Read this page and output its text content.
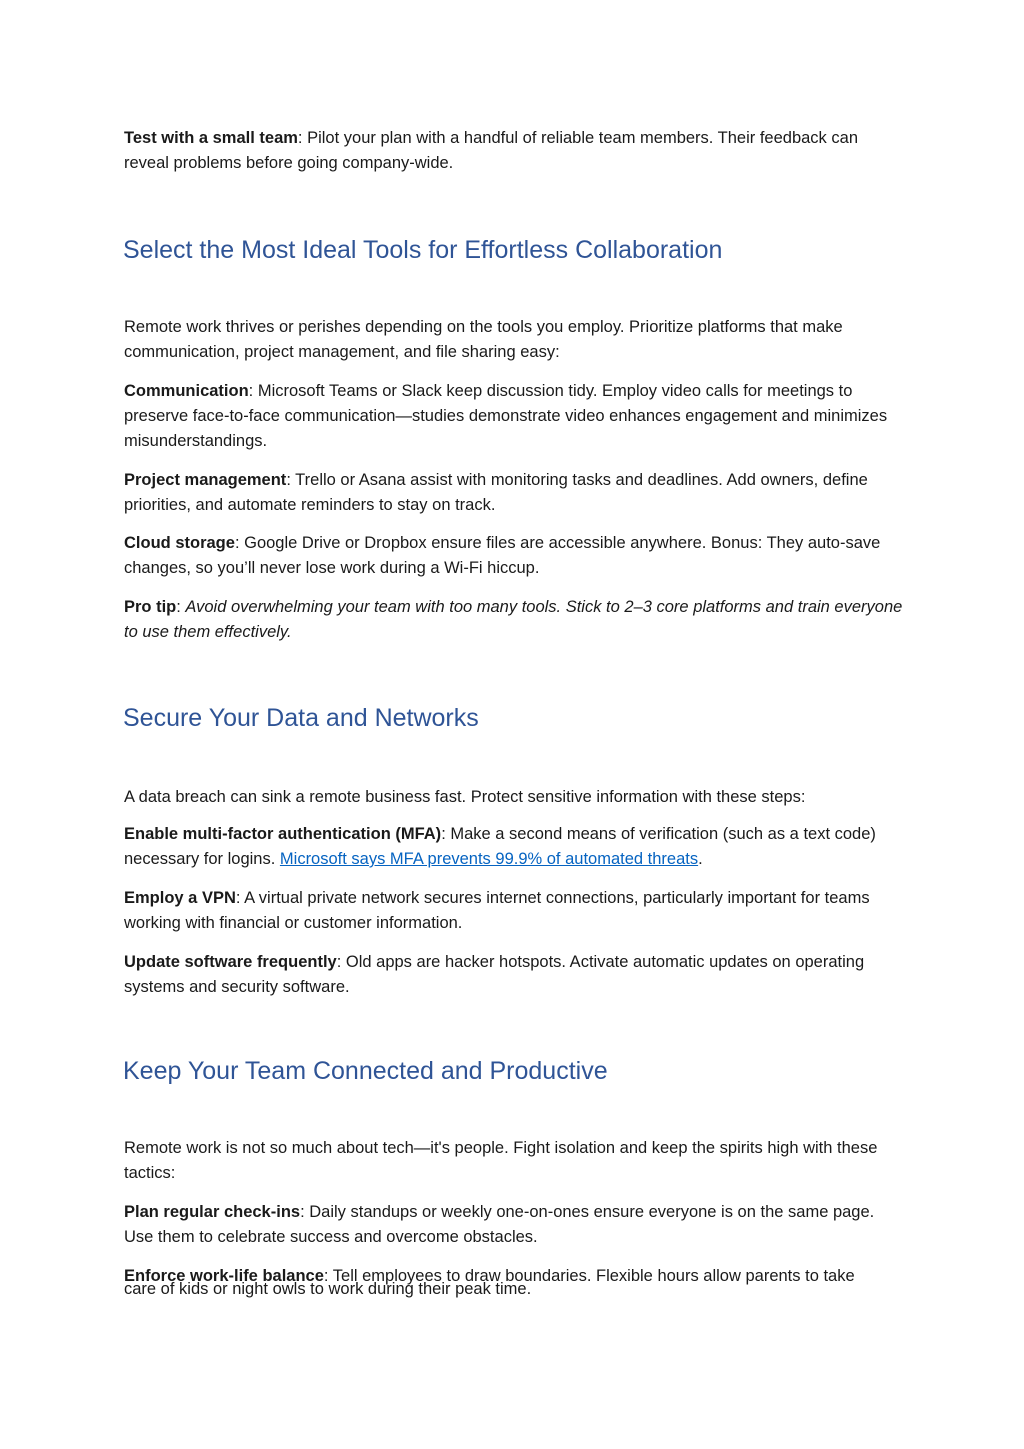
Test with a small team: Pilot your plan with a handful of reliable team members. Their feedback can reveal problems before going company-wide.

Select the Most Ideal Tools for Effortless Collaboration

Remote work thrives or perishes depending on the tools you employ. Prioritize platforms that make communication, project management, and file sharing easy:

Communication: Microsoft Teams or Slack keep discussion tidy. Employ video calls for meetings to preserve face-to-face communication—studies demonstrate video enhances engagement and minimizes misunderstandings.

Project management: Trello or Asana assist with monitoring tasks and deadlines. Add owners, define priorities, and automate reminders to stay on track.

Cloud storage: Google Drive or Dropbox ensure files are accessible anywhere. Bonus: They auto-save changes, so you’ll never lose work during a Wi-Fi hiccup.

Pro tip: Avoid overwhelming your team with too many tools. Stick to 2–3 core platforms and train everyone to use them effectively.

Secure Your Data and Networks

A data breach can sink a remote business fast. Protect sensitive information with these steps:

Enable multi-factor authentication (MFA): Make a second means of verification (such as a text code) necessary for logins. Microsoft says MFA prevents 99.9% of automated threats.

Employ a VPN: A virtual private network secures internet connections, particularly important for teams working with financial or customer information.

Update software frequently: Old apps are hacker hotspots. Activate automatic updates on operating systems and security software.

Keep Your Team Connected and Productive

Remote work is not so much about tech—it's people. Fight isolation and keep the spirits high with these tactics:

Plan regular check-ins: Daily standups or weekly one-on-ones ensure everyone is on the same page. Use them to celebrate success and overcome obstacles.

Enforce work-life balance: Tell employees to draw boundaries. Flexible hours allow parents to take

care of kids or night owls to work during their peak time.
